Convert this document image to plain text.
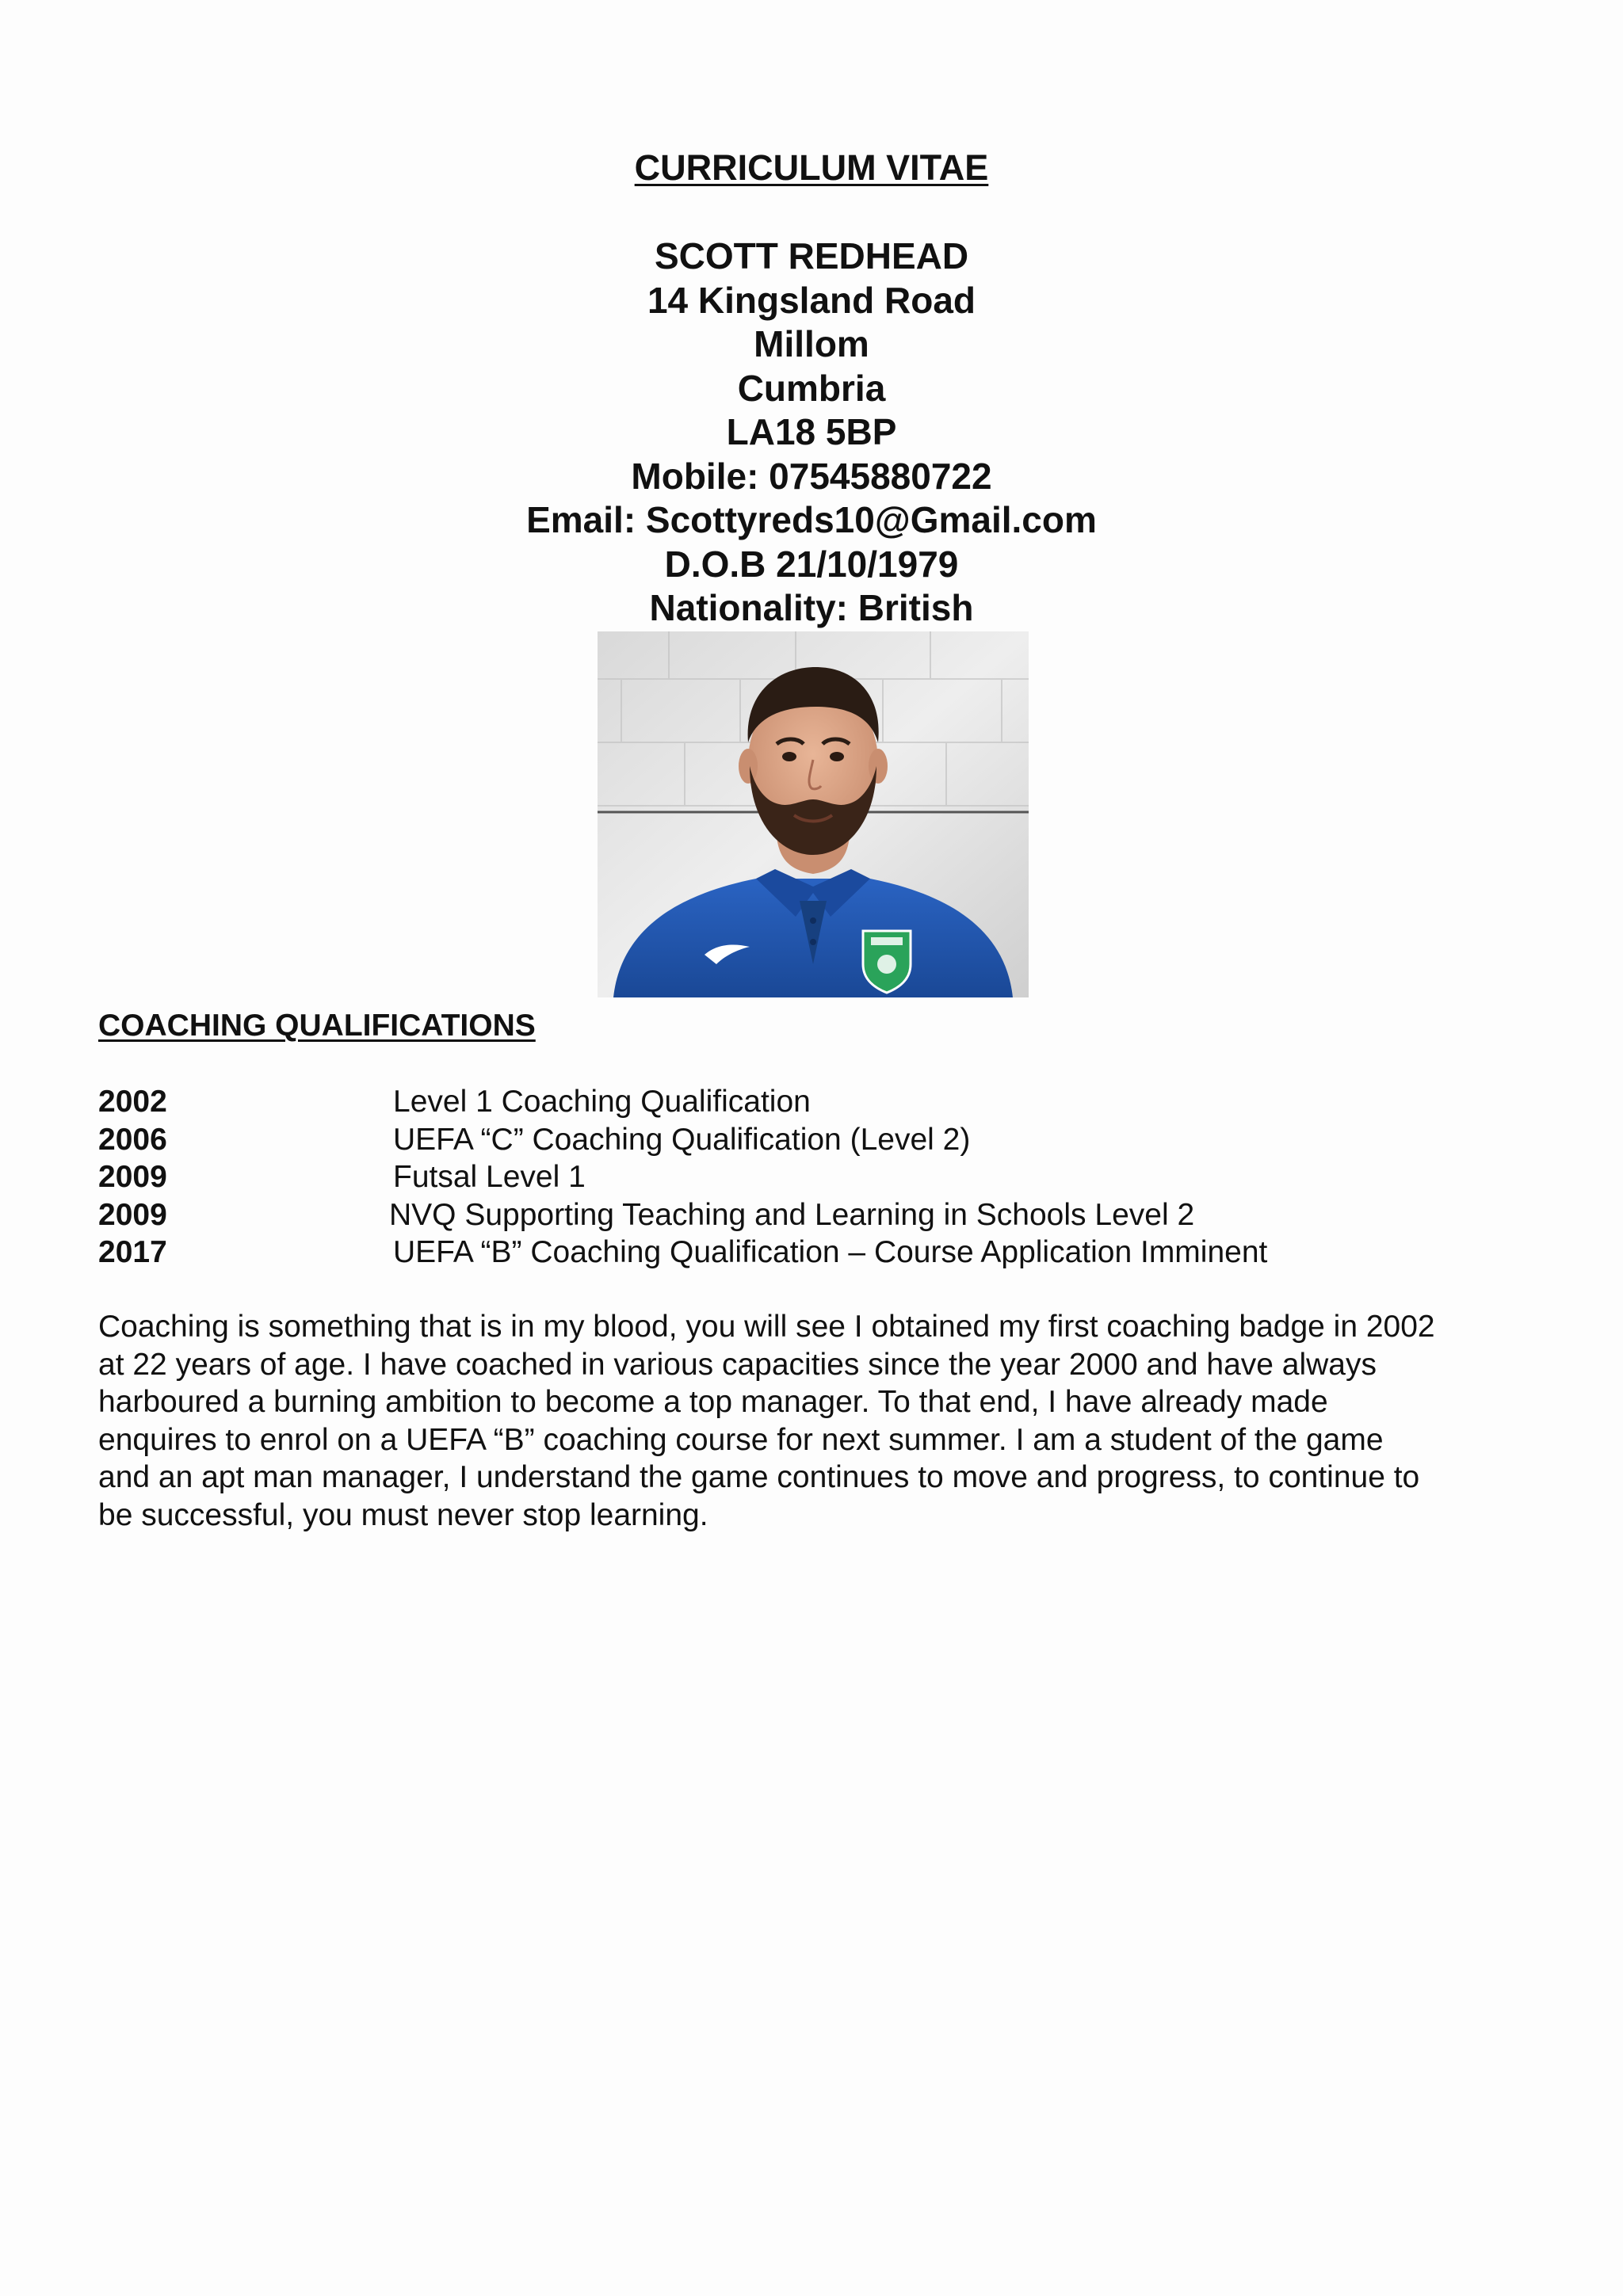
CURRICULUM VITAE
SCOTT REDHEAD
14 Kingsland Road
Millom
Cumbria
LA18 5BP
Mobile: 07545880722
Email: Scottyreds10@Gmail.com
D.O.B 21/10/1979
Nationality: British
COACHING QUALIFICATIONS
2002	Level 1 Coaching Qualification
2006	UEFA “C” Coaching Qualification (Level 2)
2009	Futsal Level 1
2009	NVQ Supporting Teaching and Learning in Schools Level 2
2017	UEFA “B” Coaching Qualification – Course Application Imminent
Coaching is something that is in my blood, you will see I obtained my first coaching badge in 2002
at 22 years of age. I have coached in various capacities since the year 2000 and have always
harboured a burning ambition to become a top manager. To that end, I have already made
enquires to enrol on a UEFA “B” coaching course for next summer. I am a student of the game
and an apt man manager, I understand the game continues to move and progress, to continue to
be successful, you must never stop learning.
